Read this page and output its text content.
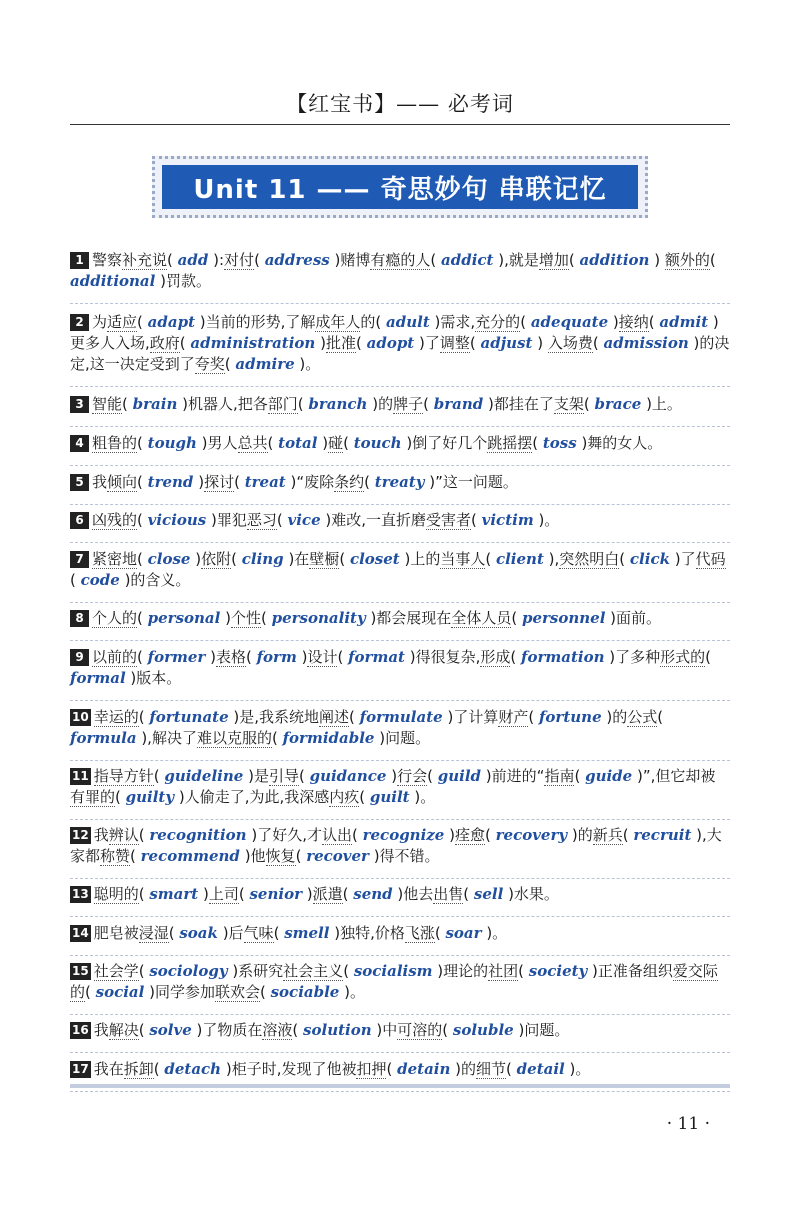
【红宝书】—— 必考词
Unit 11 —— 奇思妙句 串联记忆
1 警察补充说( add ):对付( address )赌博有瘾的人( addict ),就是增加( addition ) 额外的( additional )罚款。
2 为适应( adapt )当前的形势,了解成年人的( adult )需求,充分的( adequate )接纳( admit )更多人入场,政府( administration )批准( adopt )了调整( adjust ) 入场费( admission )的决定,这一决定受到了夸奖( admire )。
3 智能( brain )机器人,把各部门( branch )的牌子( brand )都挂在了支架( brace )上。
4 粗鲁的( tough )男人总共( total )碰( touch )倒了好几个跳摇摆( toss )舞的女人。
5 我倾向( trend )探讨( treat )“废除条约( treaty )”这一问题。
6 凶残的( vicious )罪犯恶习( vice )难改,一直折磨受害者( victim )。
7 紧密地( close )依附( cling )在壁橱( closet )上的当事人( client ),突然明白( click )了代码( code )的含义。
8 个人的( personal )个性( personality )都会展现在全体人员( personnel )面前。
9 以前的( former )表格( form )设计( format )得很复杂,形成( formation )了多种形式的( formal )版本。
10 幸运的( fortunate )是,我系统地阐述( formulate )了计算财产( fortune )的公式( formula ),解决了难以克服的( formidable )问题。
11 指导方针( guideline )是引导( guidance )行会( guild )前进的“指南( guide )”,但它却被有罪的( guilty )人偷走了,为此,我深感内疚( guilt )。
12 我辨认( recognition )了好久,才认出( recognize )痊愈( recovery )的新兵( recruit ),大家都称赞( recommend )他恢复( recover )得不错。
13 聪明的( smart )上司( senior )派遣( send )他去出售( sell )水果。
14 肥皂被浸湿( soak )后气味( smell )独特,价格飞涨( soar )。
15 社会学( sociology )系研究社会主义( socialism )理论的社团( society )正准备组织爱交际的( social )同学参加联欢会( sociable )。
16 我解决( solve )了物质在溶液( solution )中可溶的( soluble )问题。
17 我在拆卸( detach )柜子时,发现了他被扣押( detain )的细节( detail )。
· 11 ·
